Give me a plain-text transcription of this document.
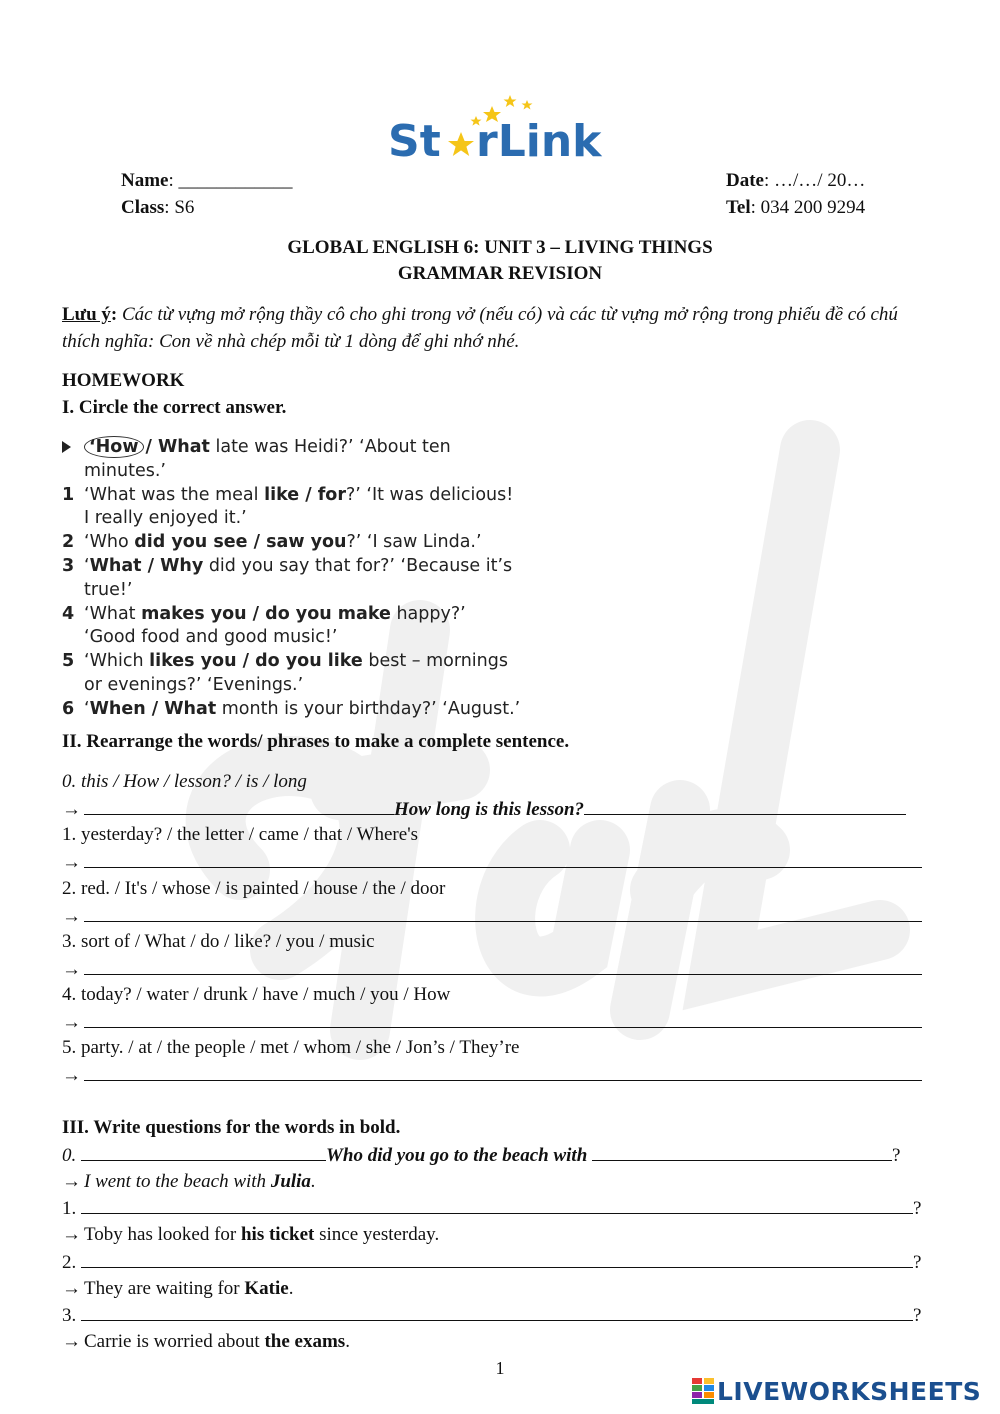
St rLink
Name: ____________	Date: …/…/ 20…
Class: S6	Tel: 034 200 9294
GLOBAL ENGLISH 6: UNIT 3 – LIVING THINGS
GRAMMAR REVISION
Lưu ý: Các từ vựng mở rộng thầy cô cho ghi trong vở (nếu có) và các từ vựng mở rộng trong phiếu đề có chú thích nghĩa: Con về nhà chép mỗi từ 1 dòng để ghi nhớ nhé.
HOMEWORK
I. Circle the correct answer.
‘How / What late was Heidi?’ ‘About ten minutes.’
1 ‘What was the meal like / for?’ ‘It was delicious! I really enjoyed it.’
2 ‘Who did you see / saw you?’ ‘I saw Linda.’
3 ‘What / Why did you say that for?’ ‘Because it’s true!’
4 ‘What makes you / do you make happy?’ ‘Good food and good music!’
5 ‘Which likes you / do you like best – mornings or evenings?’ ‘Evenings.’
6 ‘When / What month is your birthday?’ ‘August.’
II. Rearrange the words/ phrases to make a complete sentence.
0. this / How / lesson? / is / long
→	How long is this lesson?
1. yesterday? / the letter / came / that / Where's
→
2. red. / It's / whose / is painted / house / the / door
→
3. sort of / What / do / like? / you / music
→
4. today? / water / drunk / have / much / you / How
→
5. party. / at / the people / met / whom / she / Jon’s / They’re
→
III. Write questions for the words in bold.
0.	Who did you go to the beach with	?
→ I went to the beach with Julia.
1.	?
→ Toby has looked for his ticket since yesterday.
2.	?
→ They are waiting for Katie.
3.	?
→ Carrie is worried about the exams.
1
LIVEWORKSHEETS
